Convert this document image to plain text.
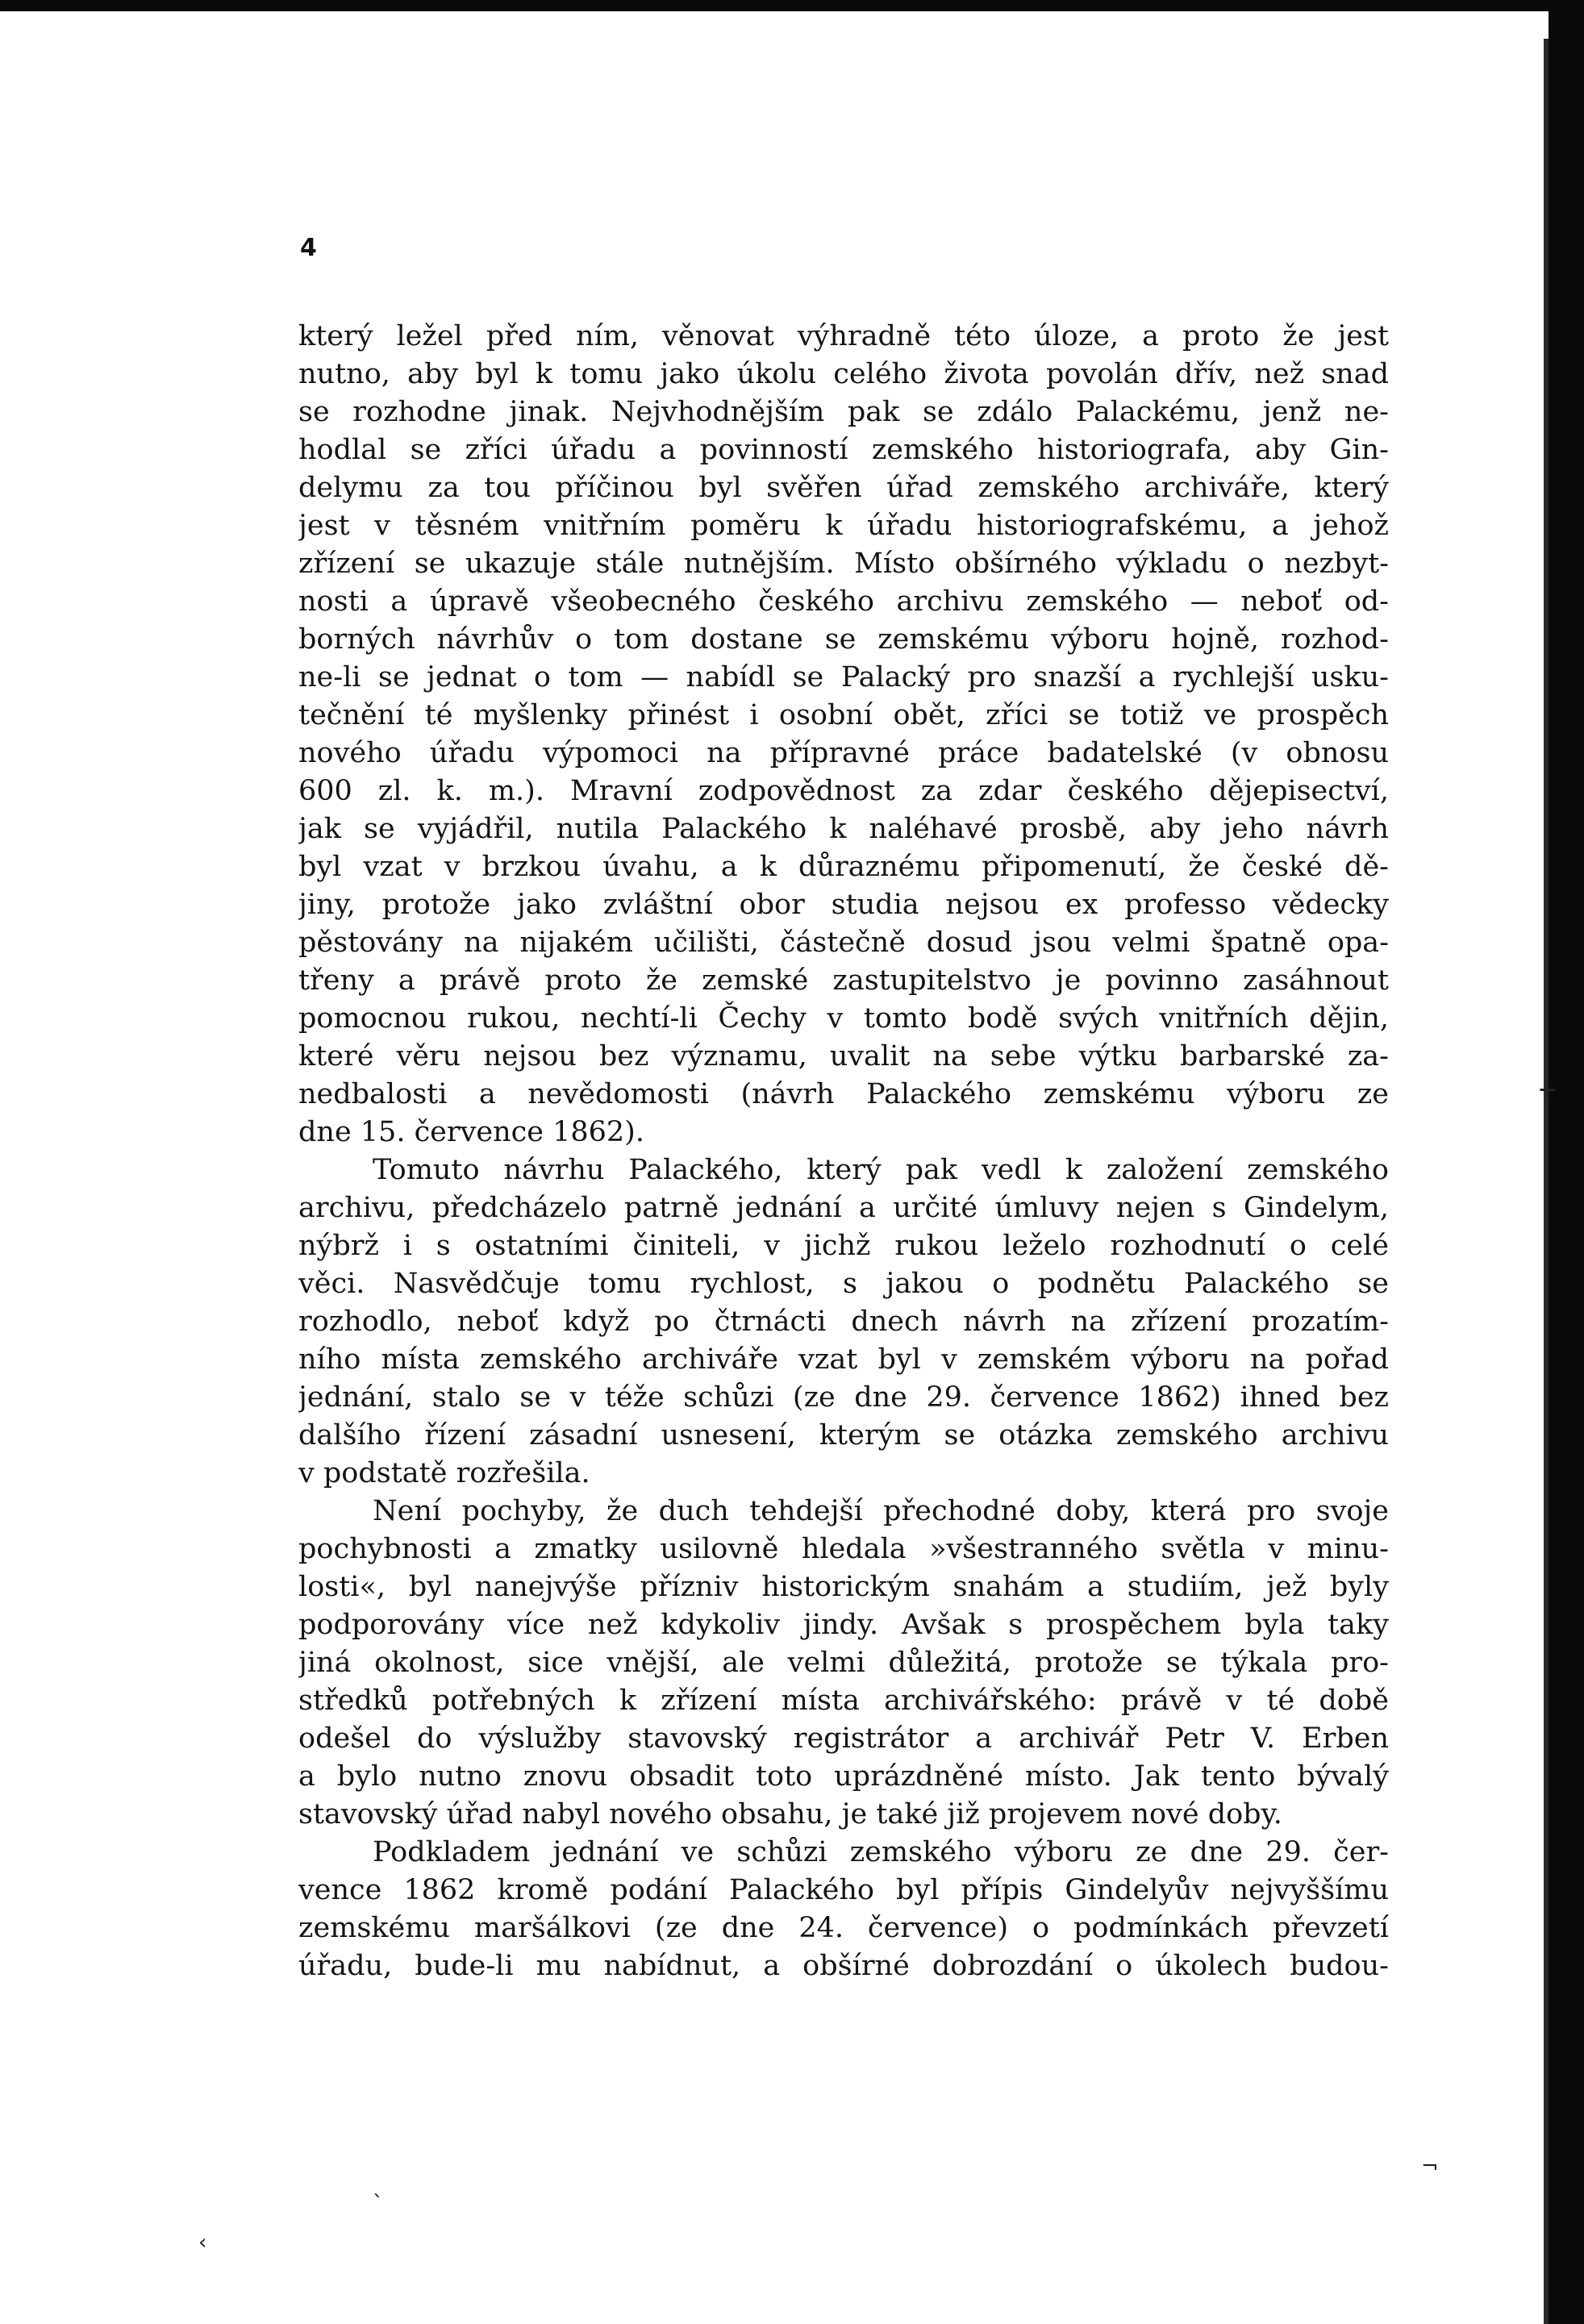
4
který ležel před ním, věnovat výhradně této úloze, a proto že jest
nutno, aby byl k tomu jako úkolu celého života povolán dřív, než snad
se rozhodne jinak. Nejvhodnějším pak se zdálo Palackému, jenž ne-
hodlal se zříci úřadu a povinností zemského historiografa, aby Gin-
delymu za tou příčinou byl svěřen úřad zemského archiváře, který
jest v těsném vnitřním poměru k úřadu historiografskému, a jehož
zřízení se ukazuje stále nutnějším. Místo obšírného výkladu o nezbyt-
nosti a úpravě všeobecného českého archivu zemského — neboť od-
borných návrhův o tom dostane se zemskému výboru hojně, rozhod-
ne-li se jednat o tom — nabídl se Palacký pro snazší a rychlejší usku-
tečnění té myšlenky přinést i osobní obět, zříci se totiž ve prospěch
nového úřadu výpomoci na přípravné práce badatelské (v obnosu
600 zl. k. m.). Mravní zodpovědnost za zdar českého dějepisectví,
jak se vyjádřil, nutila Palackého k naléhavé prosbě, aby jeho návrh
byl vzat v brzkou úvahu, a k důraznému připomenutí, že české dě-
jiny, protože jako zvláštní obor studia nejsou ex professo vědecky
pěstovány na nijakém učilišti, částečně dosud jsou velmi špatně opa-
třeny a právě proto že zemské zastupitelstvo je povinno zasáhnout
pomocnou rukou, nechtí-li Čechy v tomto bodě svých vnitřních dějin,
které věru nejsou bez významu, uvalit na sebe výtku barbarské za-
nedbalosti a nevědomosti (návrh Palackého zemskému výboru ze
dne 15. července 1862).
Tomuto návrhu Palackého, který pak vedl k založení zemského
archivu, předcházelo patrně jednání a určité úmluvy nejen s Gindelym,
nýbrž i s ostatními činiteli, v jichž rukou leželo rozhodnutí o celé
věci. Nasvědčuje tomu rychlost, s jakou o podnětu Palackého se
rozhodlo, neboť když po čtrnácti dnech návrh na zřízení prozatím-
ního místa zemského archiváře vzat byl v zemském výboru na pořad
jednání, stalo se v téže schůzi (ze dne 29. července 1862) ihned bez
dalšího řízení zásadní usnesení, kterým se otázka zemského archivu
v podstatě rozřešila.
Není pochyby, že duch tehdejší přechodné doby, která pro svoje
pochybnosti a zmatky usilovně hledala »všestranného světla v minu-
losti«, byl nanejvýše přízniv historickým snahám a studiím, jež byly
podporovány více než kdykoliv jindy. Avšak s prospěchem byla taky
jiná okolnost, sice vnější, ale velmi důležitá, protože se týkala pro-
středků potřebných k zřízení místa archivářského: právě v té době
odešel do výslužby stavovský registrátor a archivář Petr V. Erben
a bylo nutno znovu obsadit toto uprázdněné místo. Jak tento bývalý
stavovský úřad nabyl nového obsahu, je také již projevem nové doby.
Podkladem jednání ve schůzi zemského výboru ze dne 29. čer-
vence 1862 kromě podání Palackého byl přípis Gindelyův nejvyššímu
zemskému maršálkovi (ze dne 24. července) o podmínkách převzetí
úřadu, bude-li mu nabídnut, a obšírné dobrozdání o úkolech budou-
✛
¬
`
‹
